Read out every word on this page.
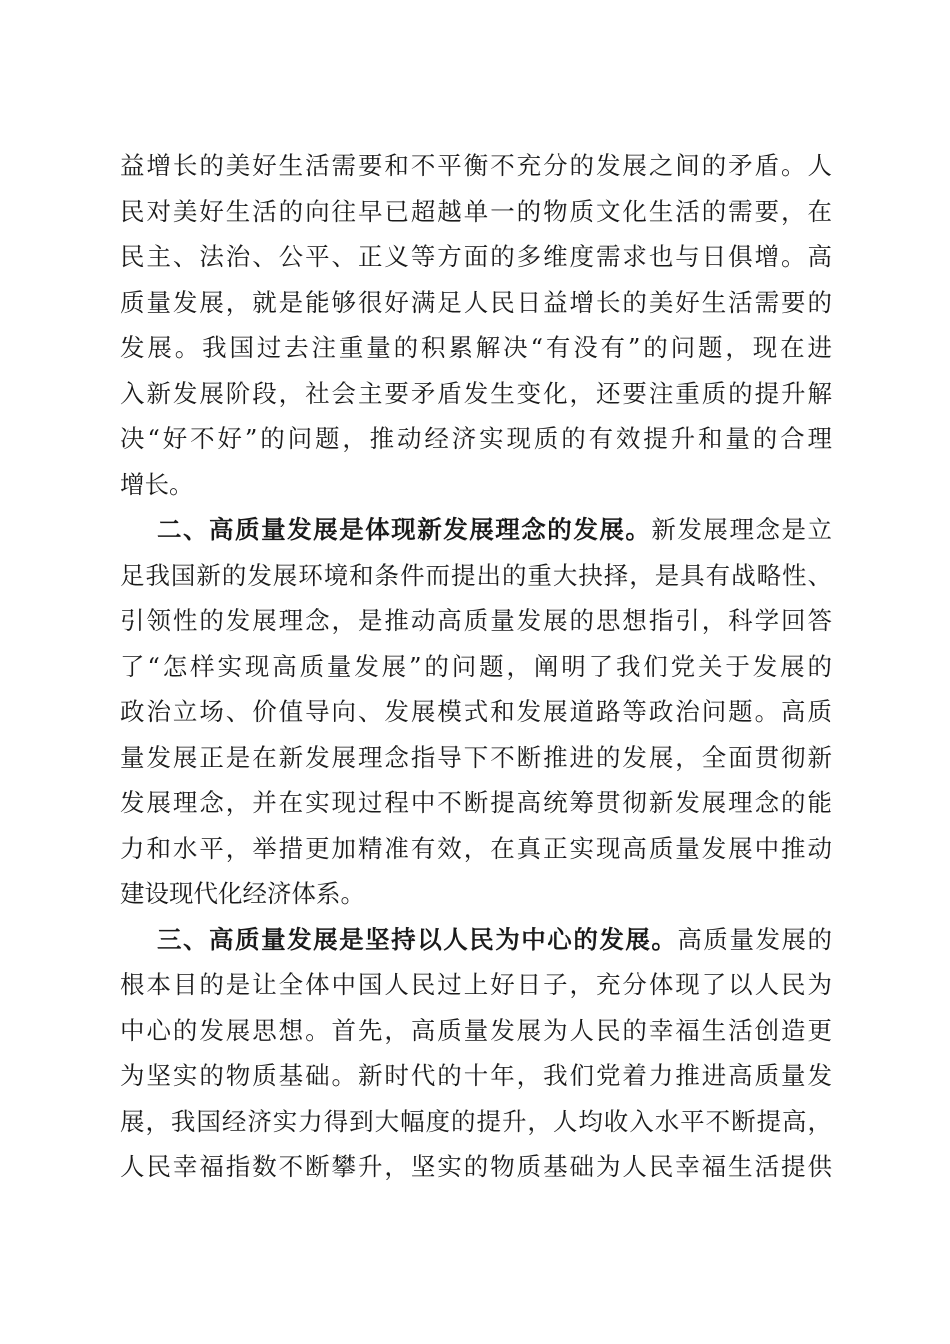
益增长的美好生活需要和不平衡不充分的发展之间的矛盾。人
民对美好生活的向往早已超越单一的物质文化生活的需要，在
民主、法治、公平、正义等方面的多维度需求也与日俱增。高
质量发展，就是能够很好满足人民日益增长的美好生活需要的
发展。我国过去注重量的积累解决“有没有”的问题，现在进
入新发展阶段，社会主要矛盾发生变化，还要注重质的提升解
决“好不好”的问题，推动经济实现质的有效提升和量的合理
增长。
二、高质量发展是体现新发展理念的发展。新发展理念是立
足我国新的发展环境和条件而提出的重大抉择，是具有战略性、
引领性的发展理念，是推动高质量发展的思想指引，科学回答
了“怎样实现高质量发展”的问题，阐明了我们党关于发展的
政治立场、价值导向、发展模式和发展道路等政治问题。高质
量发展正是在新发展理念指导下不断推进的发展，全面贯彻新
发展理念，并在实现过程中不断提高统筹贯彻新发展理念的能
力和水平，举措更加精准有效，在真正实现高质量发展中推动
建设现代化经济体系。
三、高质量发展是坚持以人民为中心的发展。高质量发展的
根本目的是让全体中国人民过上好日子，充分体现了以人民为
中心的发展思想。首先，高质量发展为人民的幸福生活创造更
为坚实的物质基础。新时代的十年，我们党着力推进高质量发
展，我国经济实力得到大幅度的提升，人均收入水平不断提高，
人民幸福指数不断攀升，坚实的物质基础为人民幸福生活提供
